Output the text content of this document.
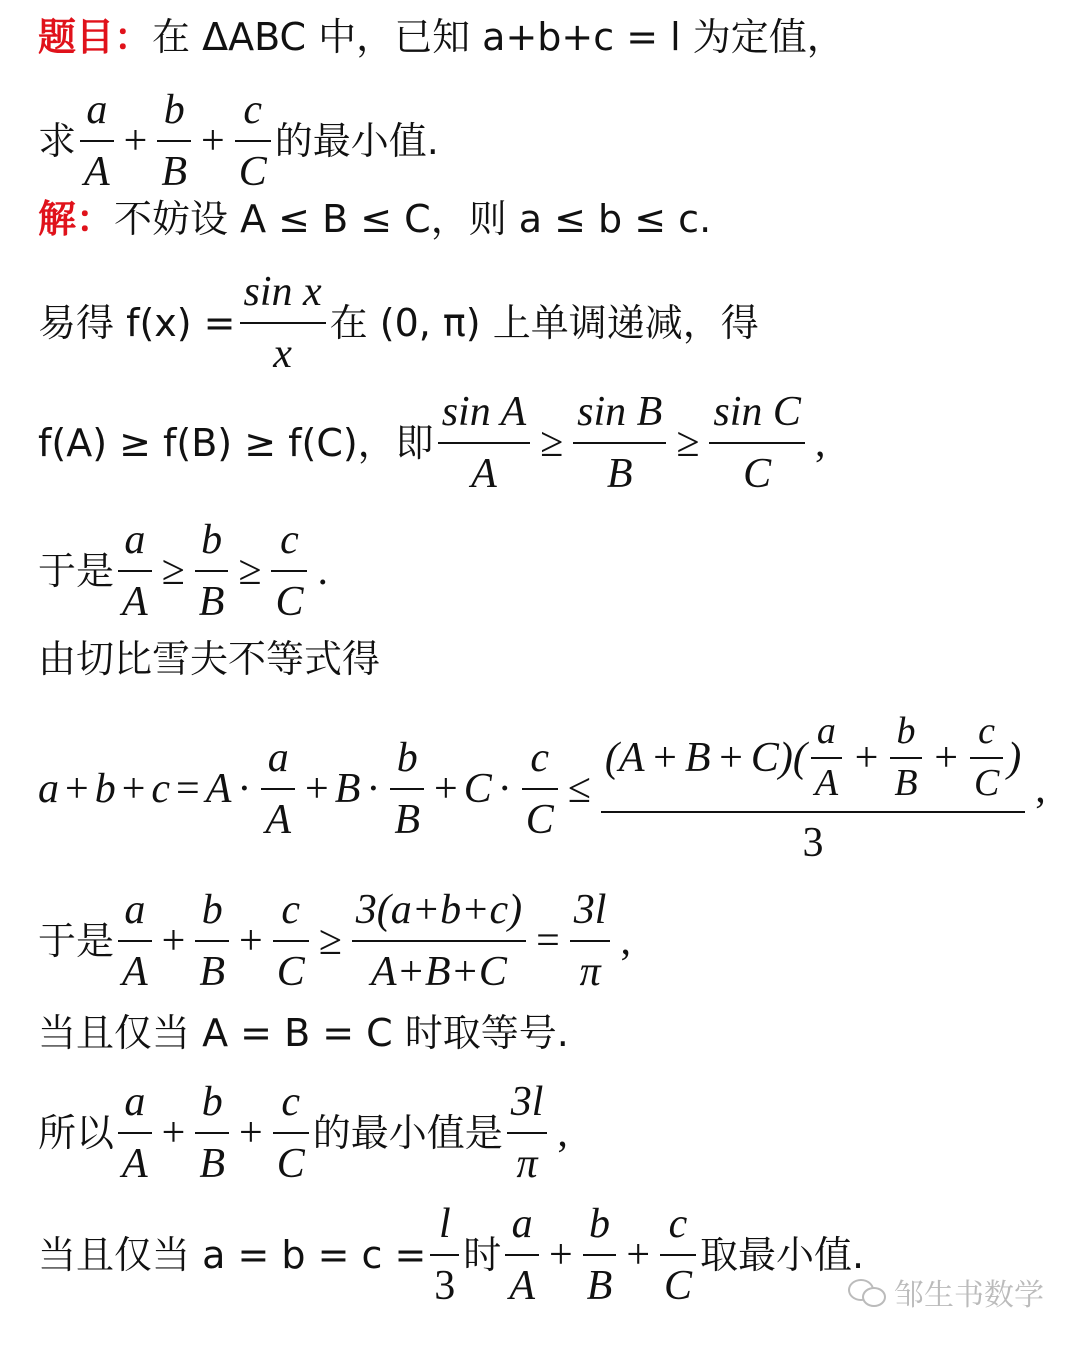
题目： 在 ΔABC 中，已知 a+b+c = l 为定值，
求 $\frac{a}{A} + \frac{b}{B} + \frac{c}{C}$ 的最小值.
解： 不妨设 A ≤ B ≤ C，则 a ≤ b ≤ c.
易得 $f(x) = \frac{\text{sin x}}{x}$ 在 (0, π) 上单调递减，得
f(A) ≥ f(B) ≥ f(C)，即 $\frac{\text{sin A}}{A} \ge \frac{\text{sin B}}{B} \ge \frac{\text{sin C}}{C}$ ,
于是 $\frac{a}{A} \ge \frac{b}{B} \ge \frac{c}{C}$ .
由切比雪夫不等式得
$a + b + c = A \cdot \frac{a}{A} + B \cdot \frac{b}{B} + C \cdot \frac{c}{C} \le \frac{( A + B + C )( \frac{a}{A} + \frac{b}{B} + \frac{c}{C} )}{3}$ ,
于是 $\frac{a}{A} + \frac{b}{B} + \frac{c}{C} \ge \frac{3(a+b+c)}{A+B+C} = \frac{3l}{\pi}$ ,
当且仅当 A = B = C 时取等号.
所以 $\frac{a}{A} + \frac{b}{B} + \frac{c}{C}$ 的最小值是 $\frac{3l}{\pi}$ ,
当且仅当 $a = b = c = \frac{l}{3}$ 时 $\frac{a}{A} + \frac{b}{B} + \frac{c}{C}$ 取最小值.
邹生书数学
